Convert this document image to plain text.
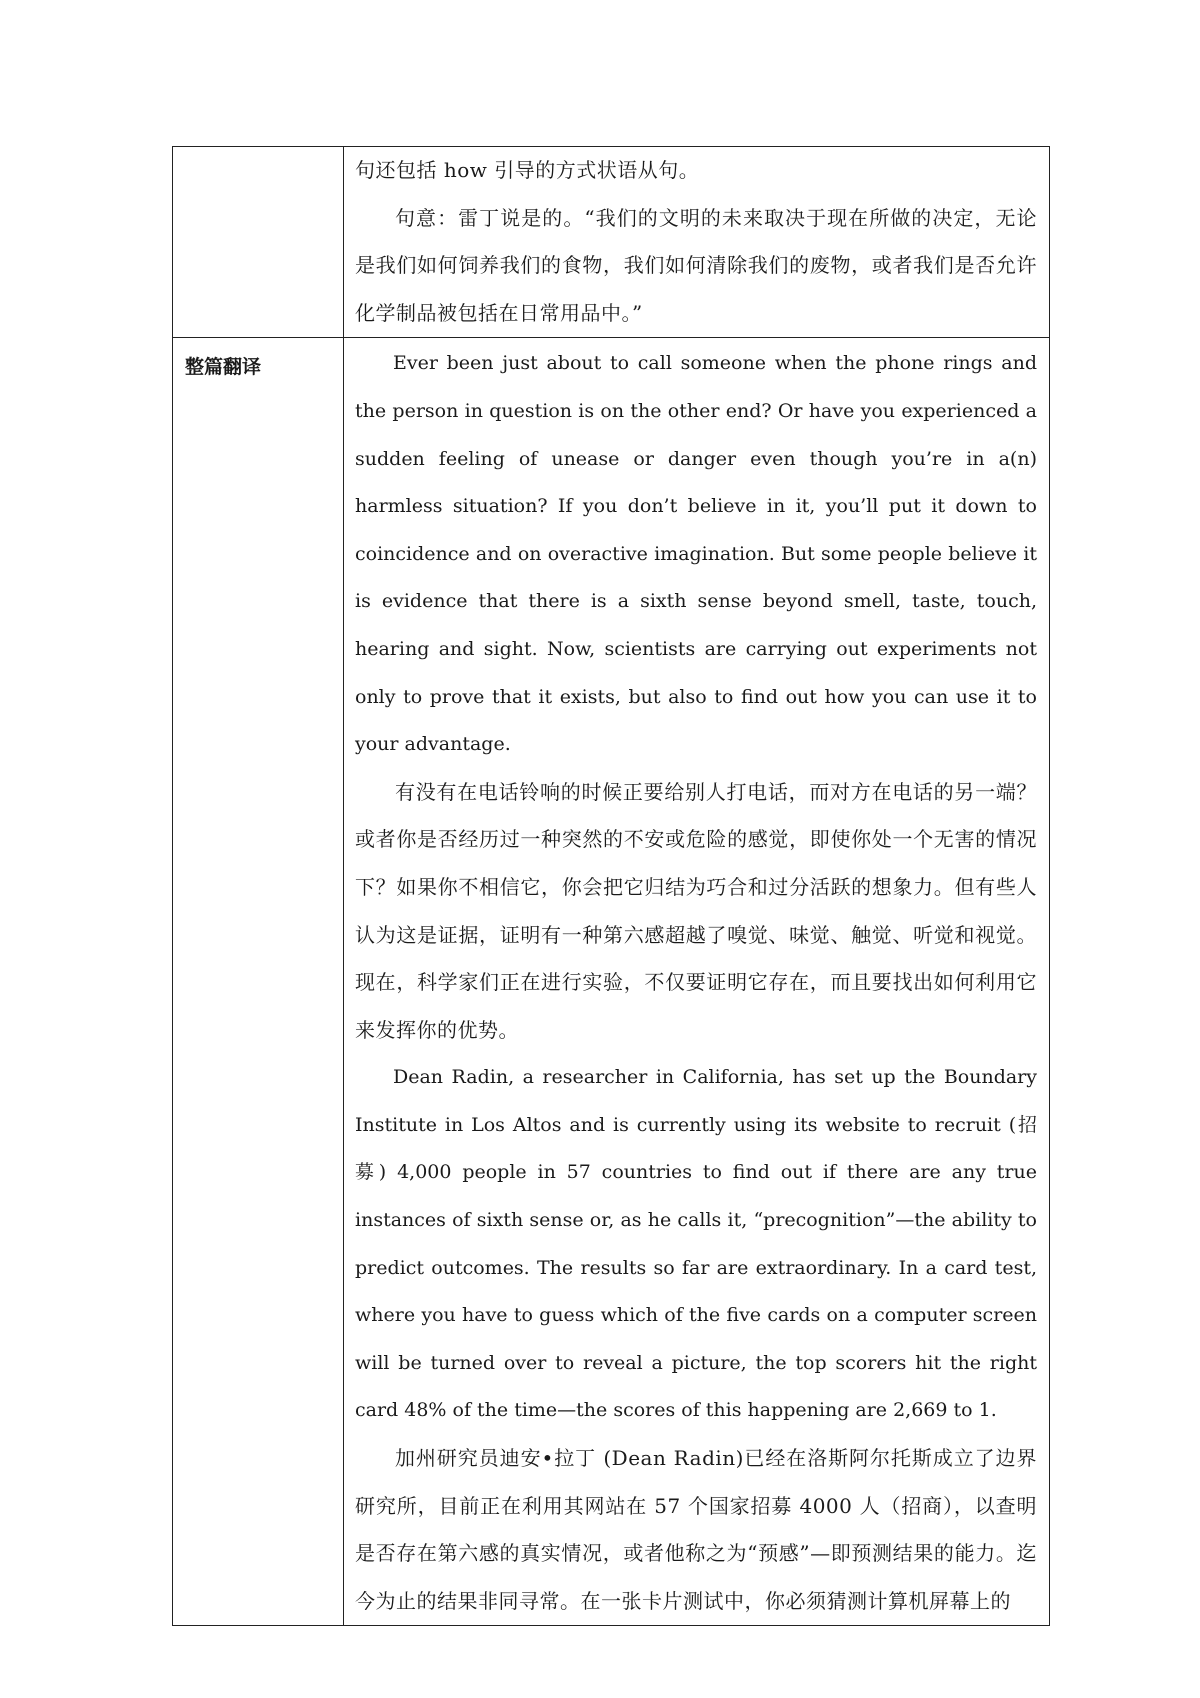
	句还包括 how 引导的方式状语从句。

句意：雷丁说是的。“我们的文明的未来取决于现在所做的决定，无论是我们如何饲养我们的食物，我们如何清除我们的废物，或者我们是否允许化学制品被包括在日常用品中。”

整篇翻译	Ever been just about to call someone when the phone rings and the person in question is on the other end? Or have you experienced a sudden feeling of unease or danger even though you’re in a(n) harmless situation? If you don’t believe in it, you’ll put it down to coincidence and on overactive imagination. But some people believe it is evidence that there is a sixth sense beyond smell, taste, touch, hearing and sight. Now, scientists are carrying out experiments not only to prove that it exists, but also to find out how you can use it to your advantage.

有没有在电话铃响的时候正要给别人打电话，而对方在电话的另一端？或者你是否经历过一种突然的不安或危险的感觉，即使你处一个无害的情况下？如果你不相信它，你会把它归结为巧合和过分活跃的想象力。但有些人认为这是证据，证明有一种第六感超越了嗅觉、味觉、触觉、听觉和视觉。现在，科学家们正在进行实验，不仅要证明它存在，而且要找出如何利用它来发挥你的优势。

Dean Radin, a researcher in California, has set up the Boundary Institute in Los Altos and is currently using its website to recruit (招募) 4,000 people in 57 countries to find out if there are any true instances of sixth sense or, as he calls it, “precognition”—the ability to predict outcomes. The results so far are extraordinary. In a card test, where you have to guess which of the five cards on a computer screen will be turned over to reveal a picture, the top scorers hit the right card 48% of the time—the scores of this happening are 2,669 to 1.

加州研究员迪安•拉丁 (Dean Radin)已经在洛斯阿尔托斯成立了边界研究所，目前正在利用其网站在 57 个国家招募 4000 人（招商），以查明是否存在第六感的真实情况，或者他称之为“预感”—即预测结果的能力。迄今为止的结果非同寻常。在一张卡片测试中，你必须猜测计算机屏幕上的
